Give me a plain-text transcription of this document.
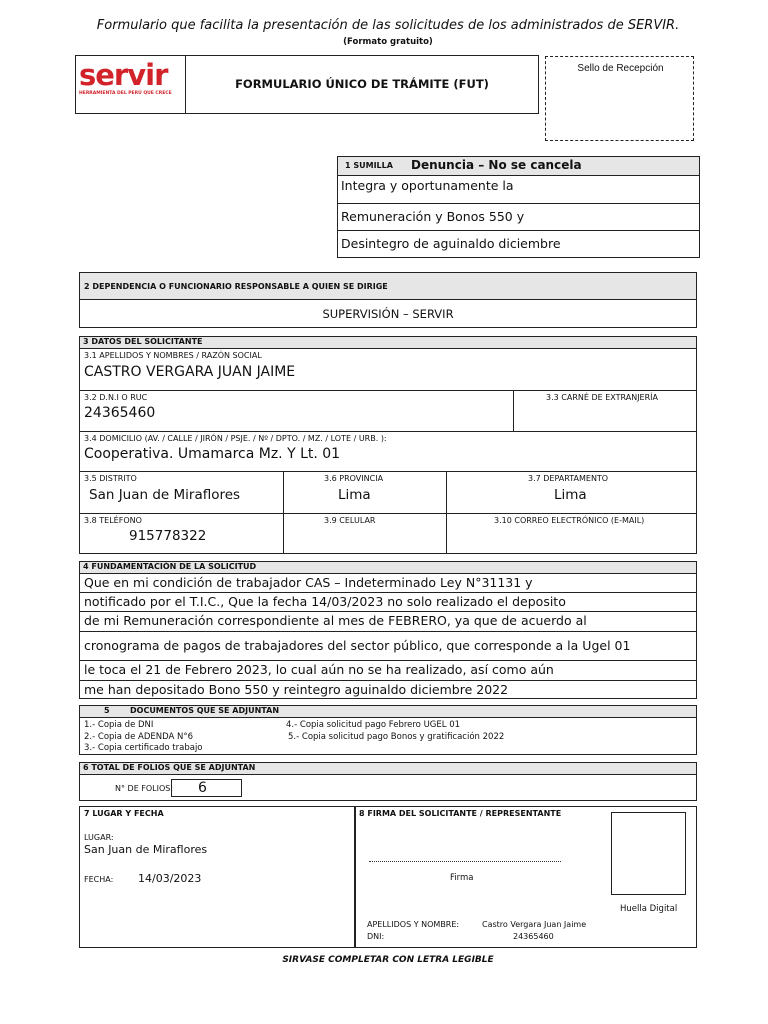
Formulario que facilita la presentación de las solicitudes de los administrados de SERVIR.
(Formato gratuito)
servir
HERRAMIENTA DEL PERÚ QUE CRECE
FORMULARIO ÚNICO DE TRÁMITE (FUT)
Sello de Recepción
1 SUMILLA Denuncia – No se cancela
Integra y oportunamente la
Remuneración y Bonos 550 y
Desintegro de aguinaldo diciembre
2 DEPENDENCIA O FUNCIONARIO RESPONSABLE A QUIEN SE DIRIGE
SUPERVISIÓN – SERVIR
3 DATOS DEL SOLICITANTE
3.1 APELLIDOS Y NOMBRES / RAZÓN SOCIAL
CASTRO VERGARA JUAN JAIME
3.2 D.N.I O RUC
24365460
3.3 CARNÉ DE EXTRANJERÍA
3.4 DOMICILIO (AV. / CALLE / JIRÓN / PSJE. / Nº / DPTO. / MZ. / LOTE / URB. ):
Cooperativa. Umamarca Mz. Y Lt. 01
3.5 DISTRITO
San Juan de Miraflores
3.6 PROVINCIA
Lima
3.7 DEPARTAMENTO
Lima
3.8 TELÉFONO
915778322
3.9 CELULAR	3.10 CORREO ELECTRÓNICO (E-MAIL)
4 FUNDAMENTACIÓN DE LA SOLICITUD
Que en mi condición de trabajador CAS – Indeterminado Ley N°31131 y
notificado por el T.I.C., Que la fecha 14/03/2023 no solo realizado el deposito
de mi Remuneración correspondiente al mes de FEBRERO, ya que de acuerdo al
cronograma de pagos de trabajadores del sector público, que corresponde a la Ugel 01
le toca el 21 de Febrero 2023, lo cual aún no se ha realizado, así como aún
me han depositado Bono 550 y reintegro aguinaldo diciembre 2022
5	DOCUMENTOS QUE SE ADJUNTAN
1.- Copia de DNI
2.- Copia de ADENDA N°6
3.- Copia certificado trabajo
4.- Copia solicitud pago Febrero UGEL 01
5.- Copia solicitud pago Bonos y gratificación 2022
6 TOTAL DE FOLIOS QUE SE ADJUNTAN
N° DE FOLIOS: 6
7 LUGAR Y FECHA
LUGAR:
San Juan de Miraflores
FECHA: 14/03/2023
8 FIRMA DEL SOLICITANTE / REPRESENTANTE
Firma
Huella Digital
APELLIDOS Y NOMBRE:	Castro Vergara Juan Jaime
DNI:	24365460
SIRVASE COMPLETAR CON LETRA LEGIBLE
